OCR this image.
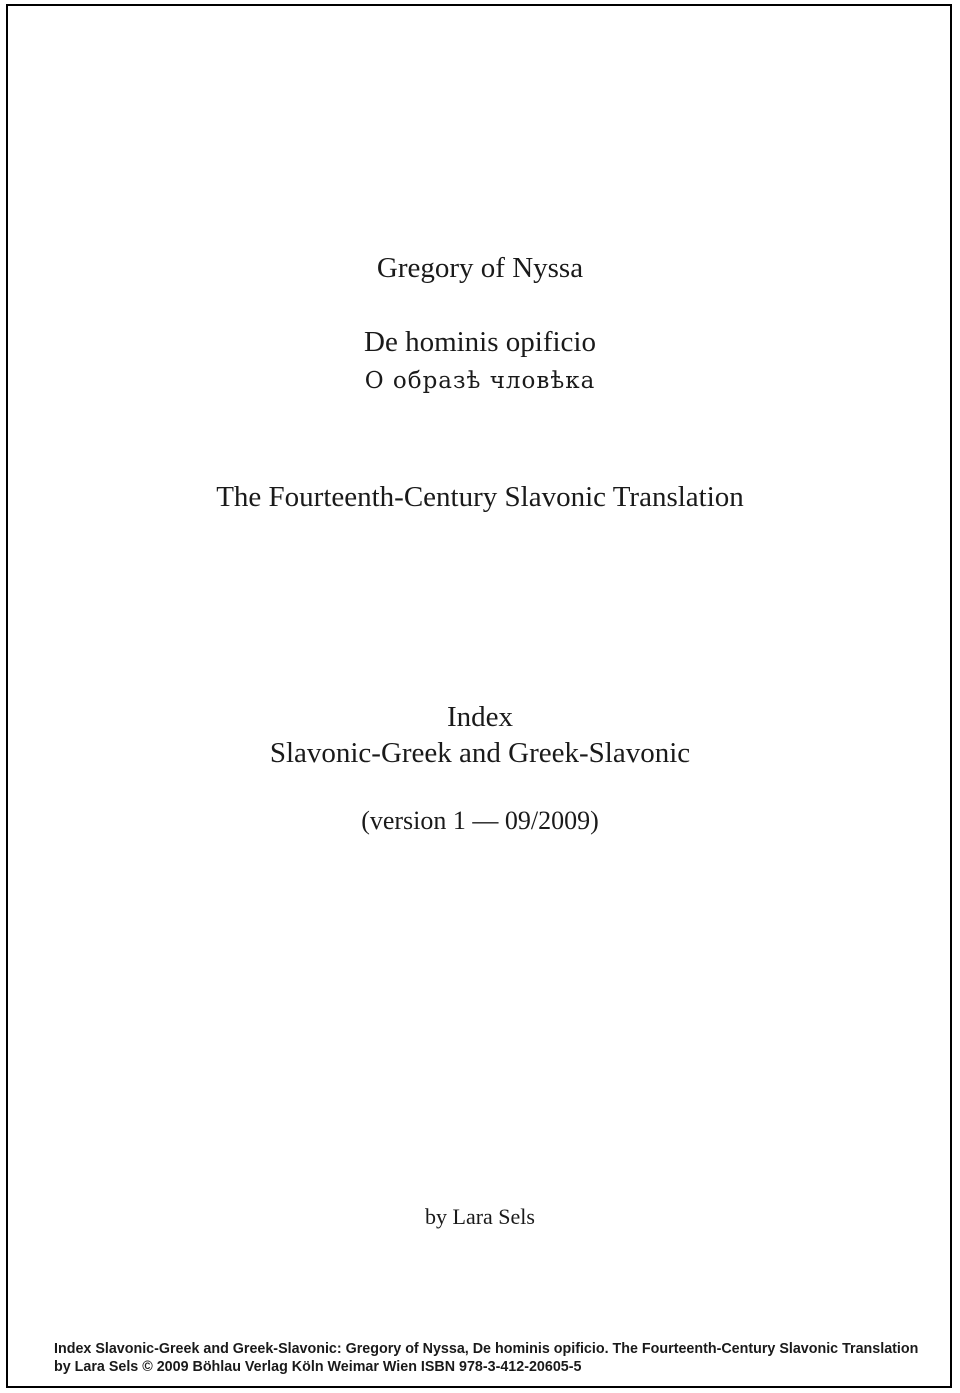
Gregory of Nyssa
De hominis opificio
О образѣ чловѣка
The Fourteenth-Century Slavonic Translation
Index
Slavonic-Greek and Greek-Slavonic
(version 1 — 09/2009)
by Lara Sels
Index Slavonic-Greek and Greek-Slavonic: Gregory of Nyssa, De hominis opificio. The Fourteenth-Century Slavonic Translation
by Lara Sels © 2009 Böhlau Verlag Köln Weimar Wien ISBN 978-3-412-20605-5
